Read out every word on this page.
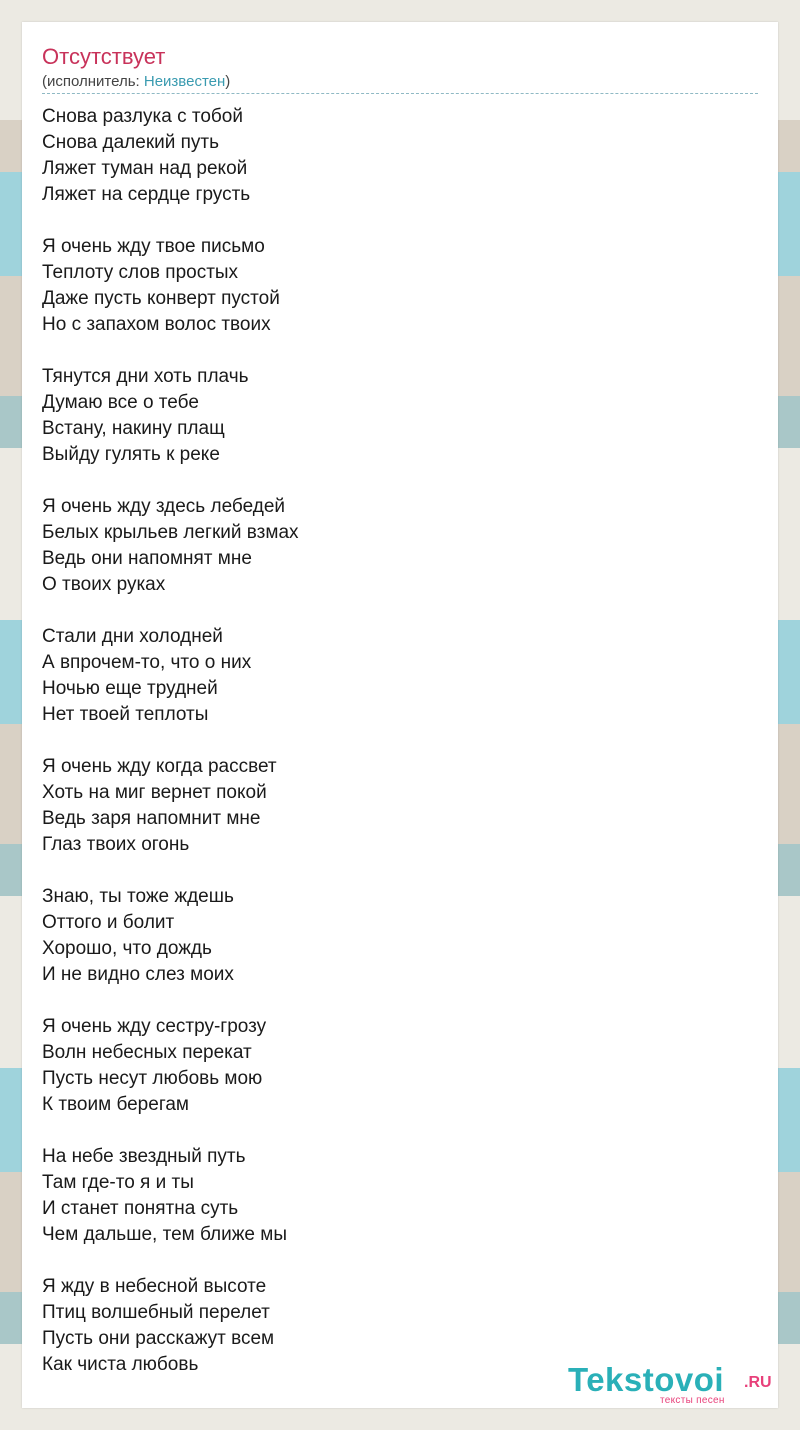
Отсутствует
(исполнитель: Неизвестен)
Снова разлука с тобой
Снова далекий путь
Ляжет туман над рекой
Ляжет на сердце грусть
Я очень жду твое письмо
Теплоту слов простых
Даже пусть конверт пустой
Но с запахом волос твоих
Тянутся дни хоть плачь
Думаю все о тебе
Встану, накину плащ
Выйду гулять к реке
Я очень жду здесь лебедей
Белых крыльев легкий взмах
Ведь они напомнят мне
О твоих руках
Стали дни холодней
А впрочем-то, что о них
Ночью еще трудней
Нет твоей теплоты
Я очень жду когда рассвет
Хоть на миг вернет покой
Ведь заря напомнит мне
Глаз твоих огонь
Знаю, ты тоже ждешь
Оттого и болит
Хорошо, что дождь
И не видно слез моих
Я очень жду сестру-грозу
Волн небесных перекат
Пусть несут любовь мою
К твоим берегам
На небе звездный путь
Там где-то я и ты
И станет понятна суть
Чем дальше, тем ближе мы
Я жду в небесной высоте
Птиц волшебный перелет
Пусть они расскажут всем
Как чиста любовь	Tekstovoi .RU
тексты песен
